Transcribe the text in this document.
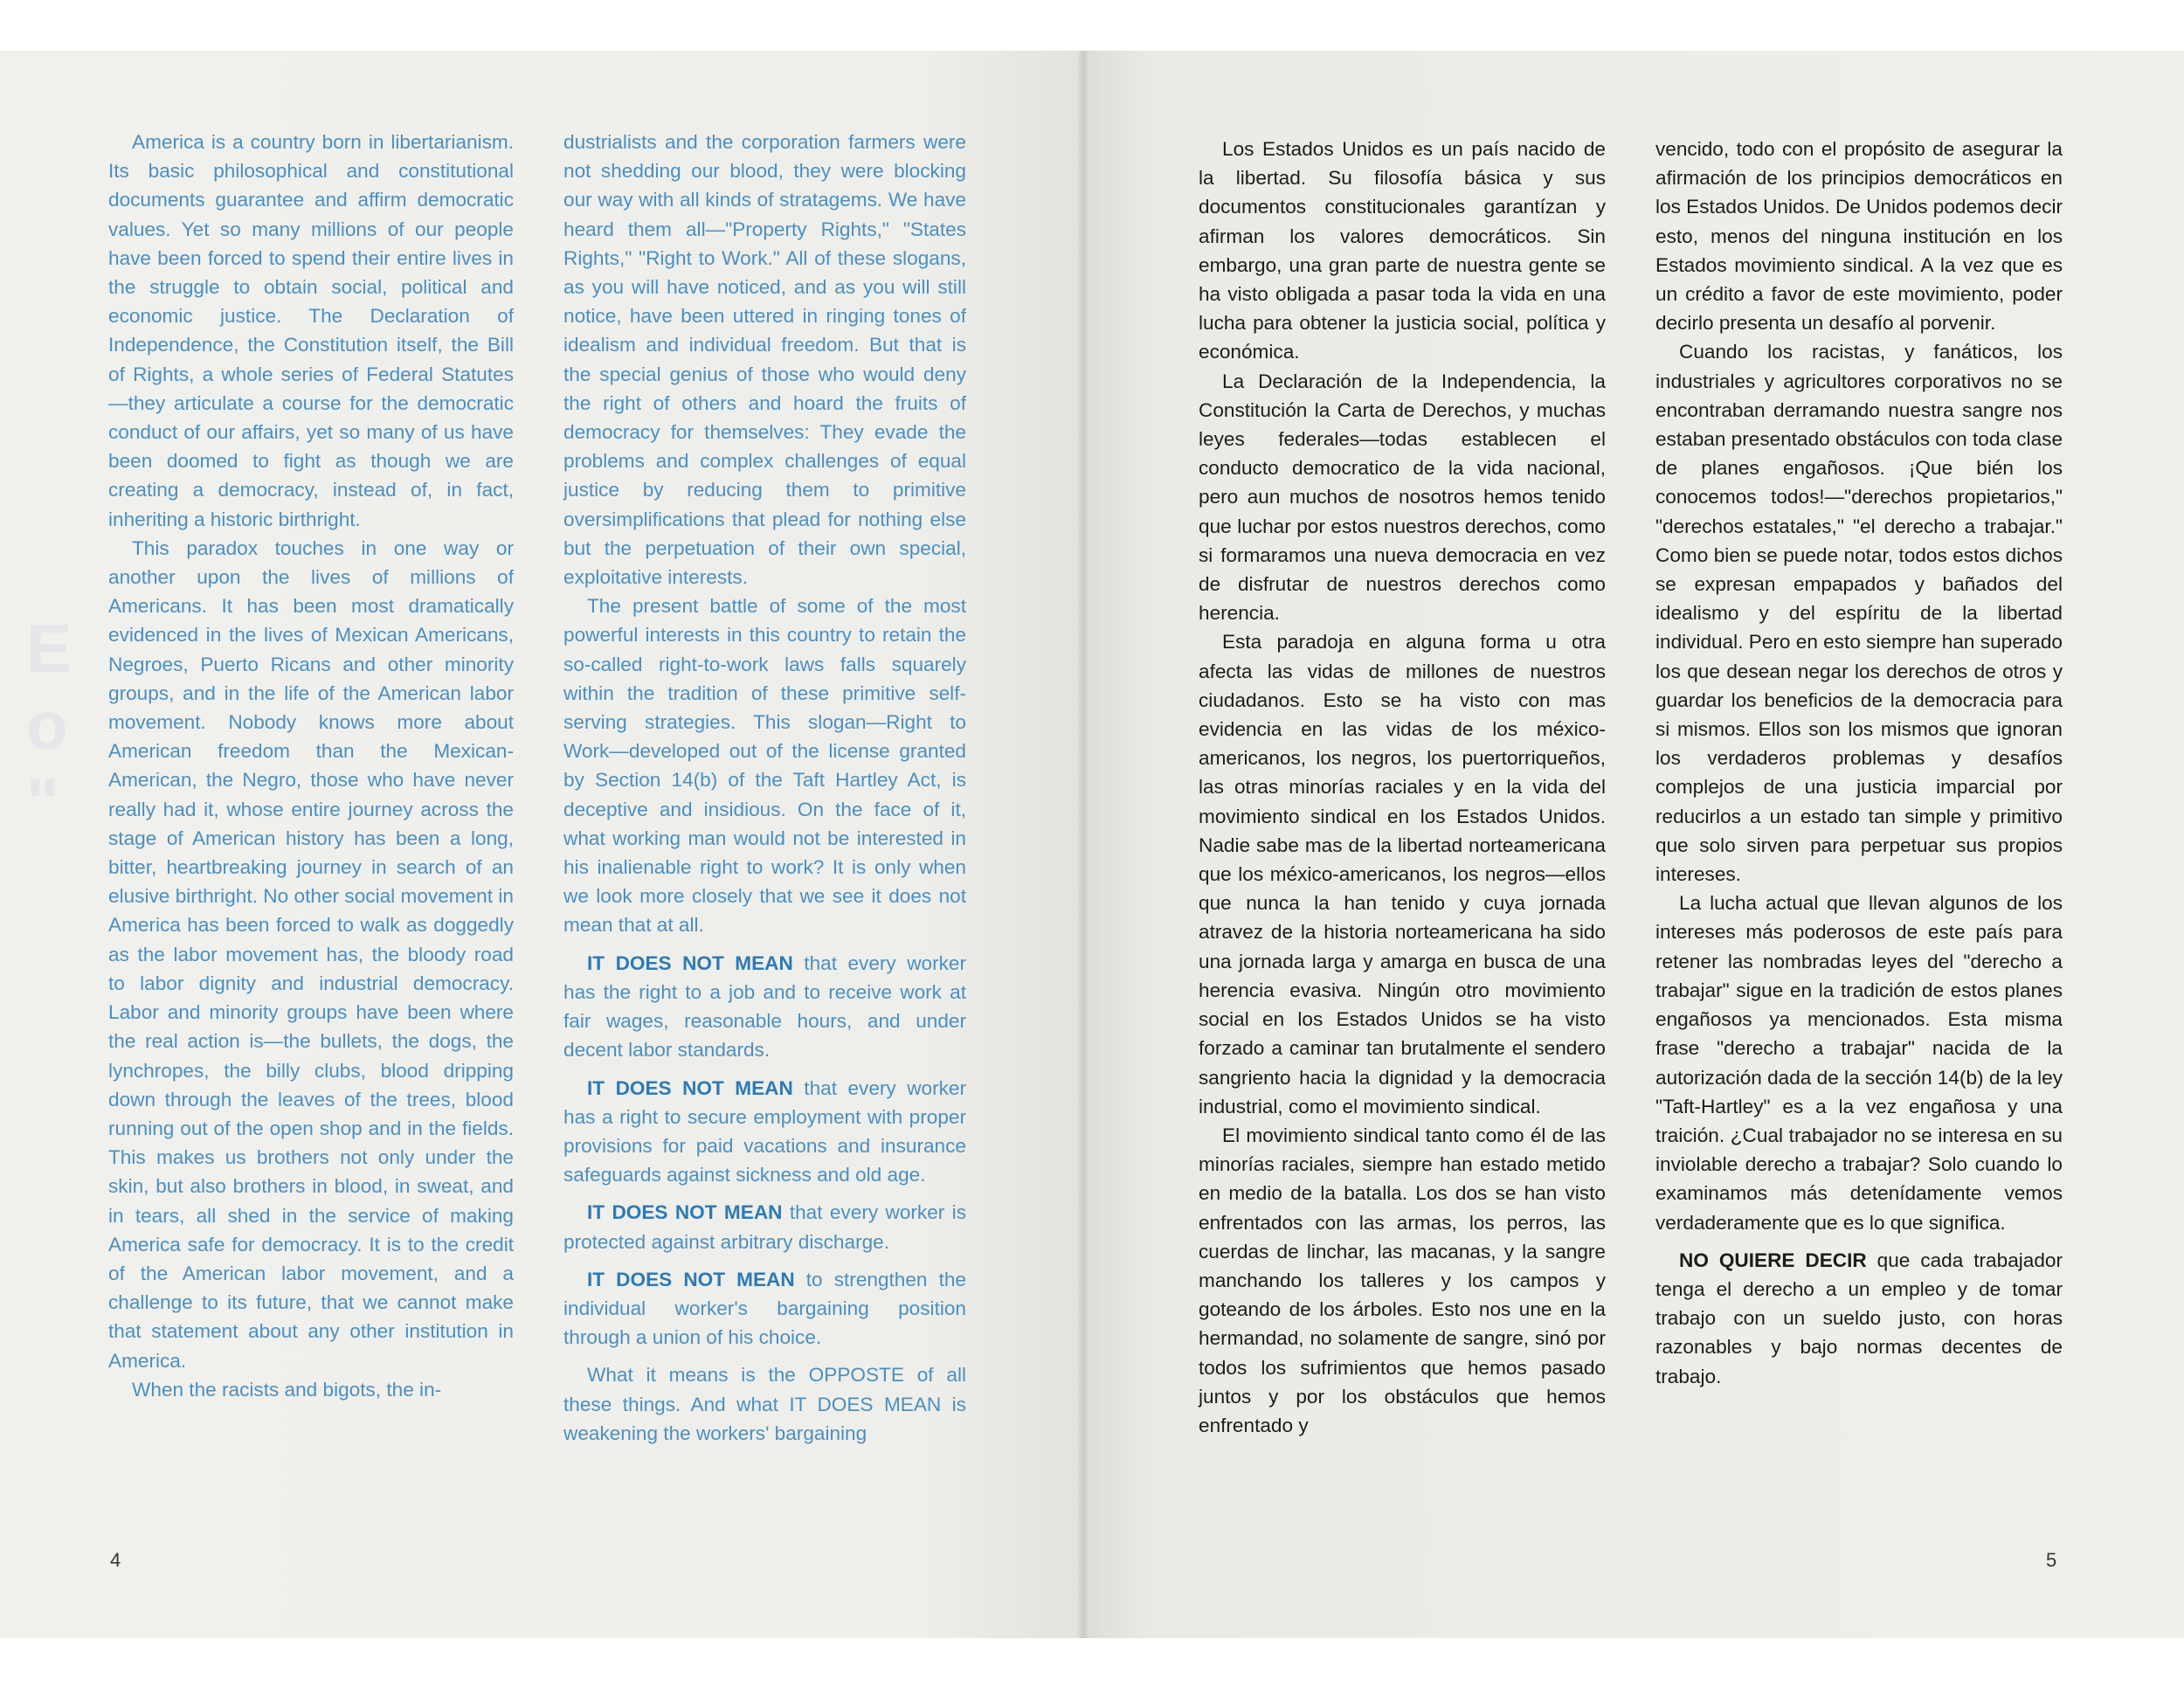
E
o
"

America is a country born in libertarianism. Its basic philosophical and constitutional documents guarantee and affirm democratic values. Yet so many millions of our people have been forced to spend their entire lives in the struggle to obtain social, political and economic justice. The Declaration of Independence, the Constitution itself, the Bill of Rights, a whole series of Federal Statutes—they articulate a course for the democratic conduct of our affairs, yet so many of us have been doomed to fight as though we are creating a democracy, instead of, in fact, inheriting a historic birthright.

This paradox touches in one way or another upon the lives of millions of Americans. It has been most dramatically evidenced in the lives of Mexican Americans, Negroes, Puerto Ricans and other minority groups, and in the life of the American labor movement. Nobody knows more about American freedom than the Mexican-American, the Negro, those who have never really had it, whose entire journey across the stage of American history has been a long, bitter, heartbreaking journey in search of an elusive birthright. No other social movement in America has been forced to walk as doggedly as the labor movement has, the bloody road to labor dignity and industrial democracy. Labor and minority groups have been where the real action is—the bullets, the dogs, the lynchropes, the billy clubs, blood dripping down through the leaves of the trees, blood running out of the open shop and in the fields. This makes us brothers not only under the skin, but also brothers in blood, in sweat, and in tears, all shed in the service of making America safe for democracy. It is to the credit of the American labor movement, and a challenge to its future, that we cannot make that statement about any other institution in America.

When the racists and bigots, the in-

dustrialists and the corporation farmers were not shedding our blood, they were blocking our way with all kinds of stratagems. We have heard them all—"Property Rights," "States Rights," "Right to Work." All of these slogans, as you will have noticed, and as you will still notice, have been uttered in ringing tones of idealism and individual freedom. But that is the special genius of those who would deny the right of others and hoard the fruits of democracy for themselves: They evade the problems and complex challenges of equal justice by reducing them to primitive oversimplifications that plead for nothing else but the perpetuation of their own special, exploitative interests.

The present battle of some of the most powerful interests in this country to retain the so-called right-to-work laws falls squarely within the tradition of these primitive self-serving strategies. This slogan—Right to Work—developed out of the license granted by Section 14(b) of the Taft Hartley Act, is deceptive and insidious. On the face of it, what working man would not be interested in his inalienable right to work? It is only when we look more closely that we see it does not mean that at all.

IT DOES NOT MEAN that every worker has the right to a job and to receive work at fair wages, reasonable hours, and under decent labor standards.

IT DOES NOT MEAN that every worker has a right to secure employment with proper provisions for paid vacations and insurance safeguards against sickness and old age.

IT DOES NOT MEAN that every worker is protected against arbitrary discharge.

IT DOES NOT MEAN to strengthen the individual worker's bargaining position through a union of his choice.

What it means is the OPPOSTE of all these things. And what IT DOES MEAN is weakening the workers' bargaining

4

Los Estados Unidos es un país nacido de la libertad. Su filosofía básica y sus documentos constitucionales garantízan y afirman los valores democráticos. Sin embargo, una gran parte de nuestra gente se ha visto obligada a pasar toda la vida en una lucha para obtener la justicia social, política y económica.

La Declaración de la Independencia, la Constitución la Carta de Derechos, y muchas leyes federales—todas establecen el conducto democratico de la vida nacional, pero aun muchos de nosotros hemos tenido que luchar por estos nuestros derechos, como si formaramos una nueva democracia en vez de disfrutar de nuestros derechos como herencia.

Esta paradoja en alguna forma u otra afecta las vidas de millones de nuestros ciudadanos. Esto se ha visto con mas evidencia en las vidas de los méxico-americanos, los negros, los puertorriqueños, las otras minorías raciales y en la vida del movimiento sindical en los Estados Unidos. Nadie sabe mas de la libertad norteamericana que los méxico-americanos, los negros—ellos que nunca la han tenido y cuya jornada atravez de la historia norteamericana ha sido una jornada larga y amarga en busca de una herencia evasiva. Ningún otro movimiento social en los Estados Unidos se ha visto forzado a caminar tan brutalmente el sendero sangriento hacia la dignidad y la democracia industrial, como el movimiento sindical.

El movimiento sindical tanto como él de las minorías raciales, siempre han estado metido en medio de la batalla. Los dos se han visto enfrentados con las armas, los perros, las cuerdas de linchar, las macanas, y la sangre manchando los talleres y los campos y goteando de los árboles. Esto nos une en la hermandad, no solamente de sangre, sinó por todos los sufrimientos que hemos pasado juntos y por los obstáculos que hemos enfrentado y

vencido, todo con el propósito de asegurar la afirmación de los principios democráticos en los Estados Unidos. De Unidos podemos decir esto, menos del ninguna institución en los Estados movimiento sindical. A la vez que es un crédito a favor de este movimiento, poder decirlo presenta un desafío al porvenir.

Cuando los racistas, y fanáticos, los industriales y agricultores corporativos no se encontraban derramando nuestra sangre nos estaban presentado obstáculos con toda clase de planes engañosos. ¡Que bién los conocemos todos!—"derechos propietarios," "derechos estatales," "el derecho a trabajar." Como bien se puede notar, todos estos dichos se expresan empapados y bañados del idealismo y del espíritu de la libertad individual. Pero en esto siempre han superado los que desean negar los derechos de otros y guardar los beneficios de la democracia para si mismos. Ellos son los mismos que ignoran los verdaderos problemas y desafíos complejos de una justicia imparcial por reducirlos a un estado tan simple y primitivo que solo sirven para perpetuar sus propios intereses.

La lucha actual que llevan algunos de los intereses más poderosos de este país para retener las nombradas leyes del "derecho a trabajar" sigue en la tradición de estos planes engañosos ya mencionados. Esta misma frase "derecho a trabajar" nacida de la autorización dada de la sección 14(b) de la ley "Taft-Hartley" es a la vez engañosa y una traición. ¿Cual trabajador no se interesa en su inviolable derecho a trabajar? Solo cuando lo examinamos más detenídamente vemos verdaderamente que es lo que significa.

NO QUIERE DECIR que cada trabajador tenga el derecho a un empleo y de tomar trabajo con un sueldo justo, con horas razonables y bajo normas decentes de trabajo.

5
